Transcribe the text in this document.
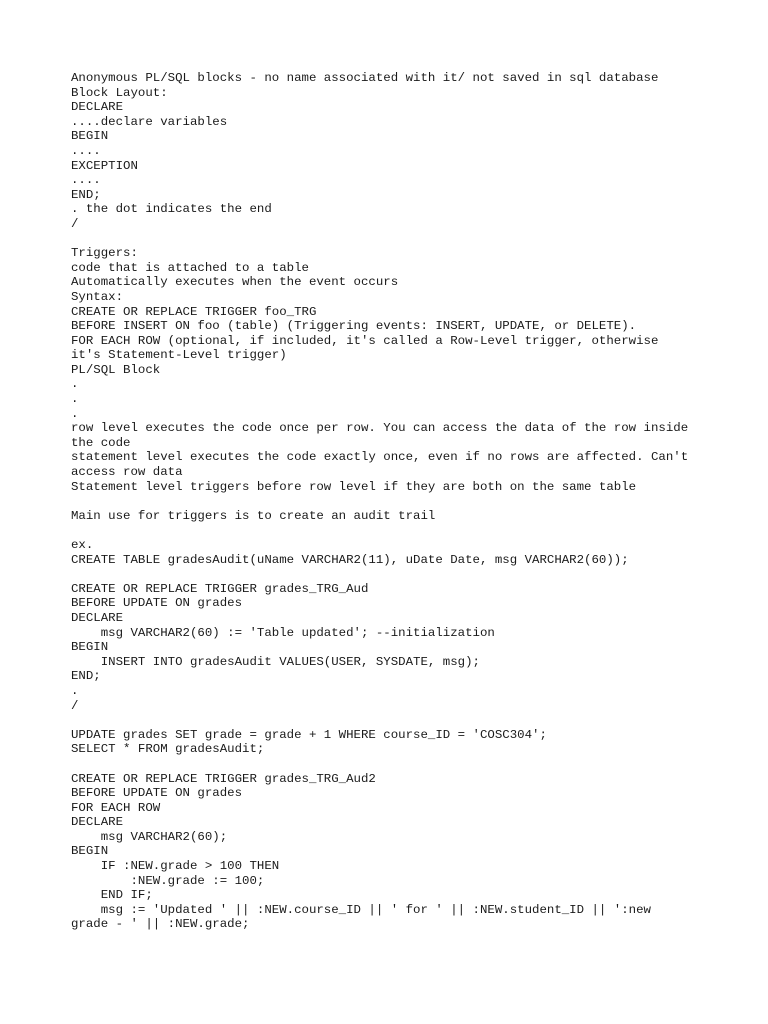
Anonymous PL/SQL blocks - no name associated with it/ not saved in sql database
Block Layout:
DECLARE
....declare variables
BEGIN
....
EXCEPTION
....
END;
. the dot indicates the end
/
Triggers:
code that is attached to a table
Automatically executes when the event occurs
Syntax:
CREATE OR REPLACE TRIGGER foo_TRG
BEFORE INSERT ON foo (table) (Triggering events: INSERT, UPDATE, or DELETE).
FOR EACH ROW (optional, if included, it's called a Row-Level trigger, otherwise
it's Statement-Level trigger)
PL/SQL Block
.
.
.
row level executes the code once per row. You can access the data of the row inside
the code
statement level executes the code exactly once, even if no rows are affected. Can't
access row data
Statement level triggers before row level if they are both on the same table
Main use for triggers is to create an audit trail
ex.
CREATE TABLE gradesAudit(uName VARCHAR2(11), uDate Date, msg VARCHAR2(60));
CREATE OR REPLACE TRIGGER grades_TRG_Aud
BEFORE UPDATE ON grades
DECLARE
msg VARCHAR2(60) := 'Table updated'; --initialization
BEGIN
INSERT INTO gradesAudit VALUES(USER, SYSDATE, msg);
END;
.
/
UPDATE grades SET grade = grade + 1 WHERE course_ID = 'COSC304';
SELECT * FROM gradesAudit;
CREATE OR REPLACE TRIGGER grades_TRG_Aud2
BEFORE UPDATE ON grades
FOR EACH ROW
DECLARE
msg VARCHAR2(60);
BEGIN
IF :NEW.grade > 100 THEN
:NEW.grade := 100;
END IF;
msg := 'Updated ' || :NEW.course_ID || ' for ' || :NEW.student_ID || ':new
grade - ' || :NEW.grade;
